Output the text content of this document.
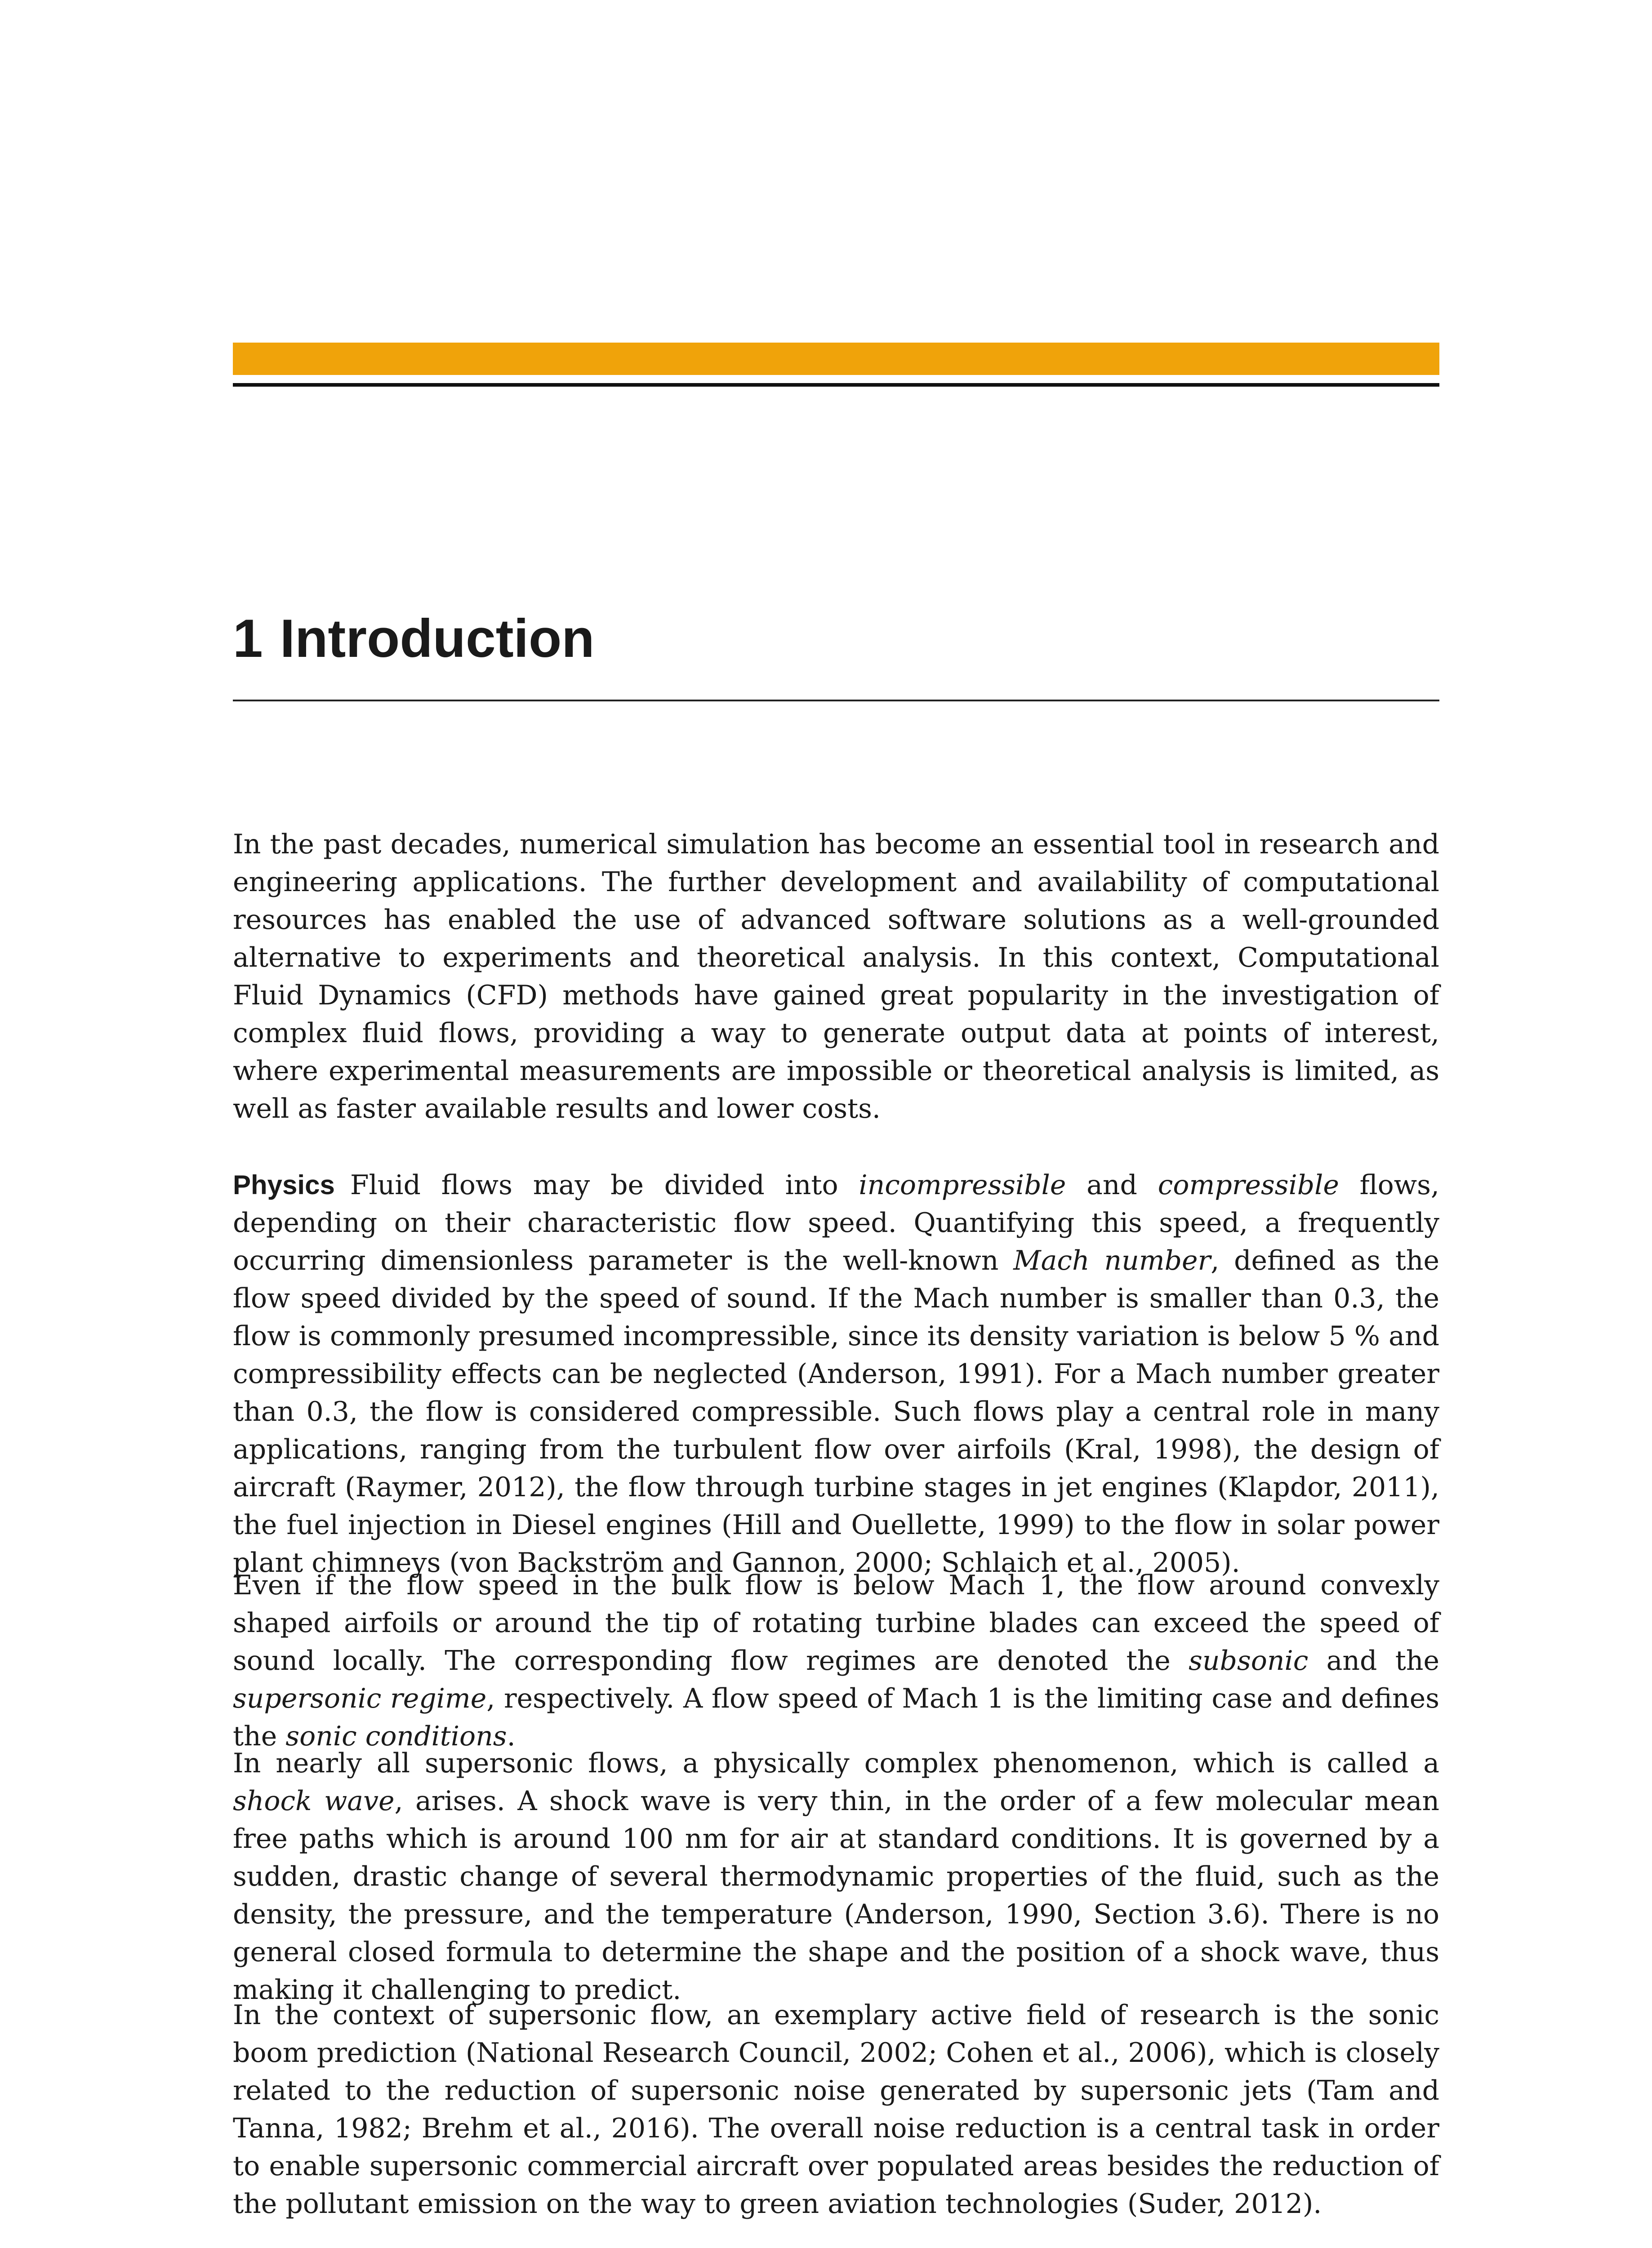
1 Introduction

In the past decades, numerical simulation has become an essential tool in research and engineering applications. The further development and availability of computational resources has enabled the use of advanced software solutions as a well-grounded alternative to experiments and theoretical analysis. In this context, Computational Fluid Dynamics (CFD) methods have gained great popularity in the investigation of complex fluid flows, providing a way to generate output data at points of interest, where experimental measurements are impossible or theoretical analysis is limited, as well as faster available results and lower costs.

Physics Fluid flows may be divided into incompressible and compressible flows, depending on their characteristic flow speed. Quantifying this speed, a frequently occurring dimensionless parameter is the well-known Mach number, defined as the flow speed divided by the speed of sound. If the Mach number is smaller than 0.3, the flow is commonly presumed incompressible, since its density variation is below 5 % and compressibility effects can be neglected (Anderson, 1991). For a Mach number greater than 0.3, the flow is considered compressible. Such flows play a central role in many applications, ranging from the turbulent flow over airfoils (Kral, 1998), the design of aircraft (Raymer, 2012), the flow through turbine stages in jet engines (Klapdor, 2011), the fuel injection in Diesel engines (Hill and Ouellette, 1999) to the flow in solar power plant chimneys (von Backström and Gannon, 2000; Schlaich et al., 2005).

Even if the flow speed in the bulk flow is below Mach 1, the flow around convexly shaped airfoils or around the tip of rotating turbine blades can exceed the speed of sound locally. The corresponding flow regimes are denoted the subsonic and the supersonic regime, respectively. A flow speed of Mach 1 is the limiting case and defines the sonic conditions.

In nearly all supersonic flows, a physically complex phenomenon, which is called a shock wave, arises. A shock wave is very thin, in the order of a few molecular mean free paths which is around 100 nm for air at standard conditions. It is governed by a sudden, drastic change of several thermodynamic properties of the fluid, such as the density, the pressure, and the temperature (Anderson, 1990, Section 3.6). There is no general closed formula to determine the shape and the position of a shock wave, thus making it challenging to predict.

In the context of supersonic flow, an exemplary active field of research is the sonic boom prediction (National Research Council, 2002; Cohen et al., 2006), which is closely related to the reduction of supersonic noise generated by supersonic jets (Tam and Tanna, 1982; Brehm et al., 2016). The overall noise reduction is a central task in order to enable supersonic commercial aircraft over populated areas besides the reduction of the pollutant emission on the way to green aviation technologies (Suder, 2012).
